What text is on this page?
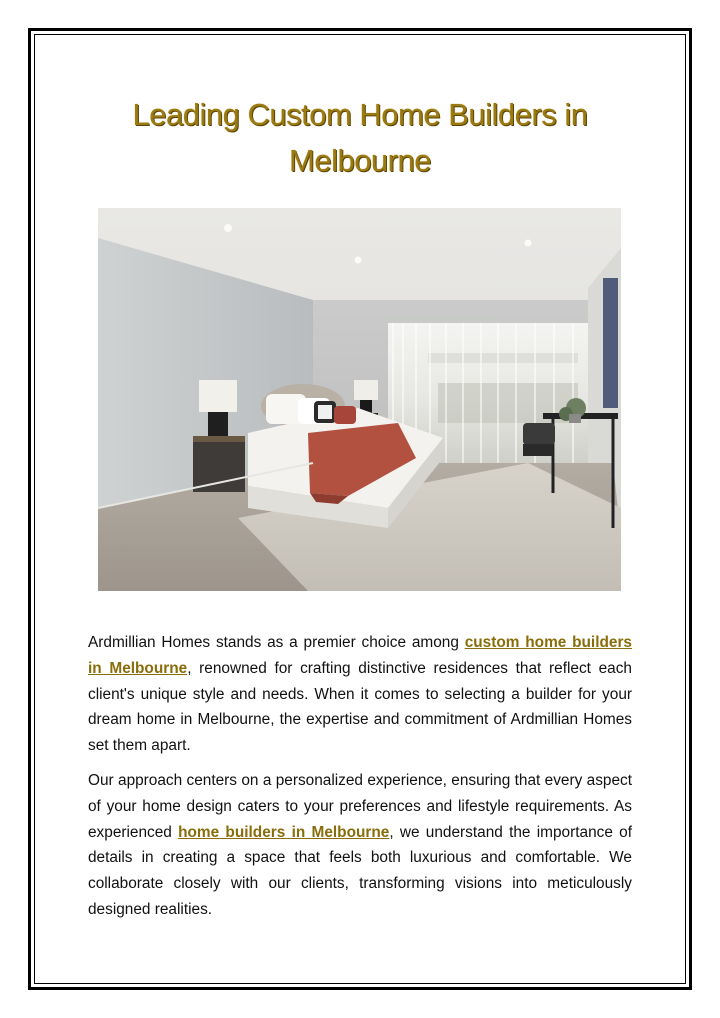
Leading Custom Home Builders in
Melbourne

Ardmillian Homes stands as a premier choice among custom home builders in Melbourne, renowned for crafting distinctive residences that reflect each client's unique style and needs. When it comes to selecting a builder for your dream home in Melbourne, the expertise and commitment of Ardmillian Homes set them apart.

Our approach centers on a personalized experience, ensuring that every aspect of your home design caters to your preferences and lifestyle requirements. As experienced home builders in Melbourne, we understand the importance of details in creating a space that feels both luxurious and comfortable. We collaborate closely with our clients, transforming visions into meticulously designed realities.
